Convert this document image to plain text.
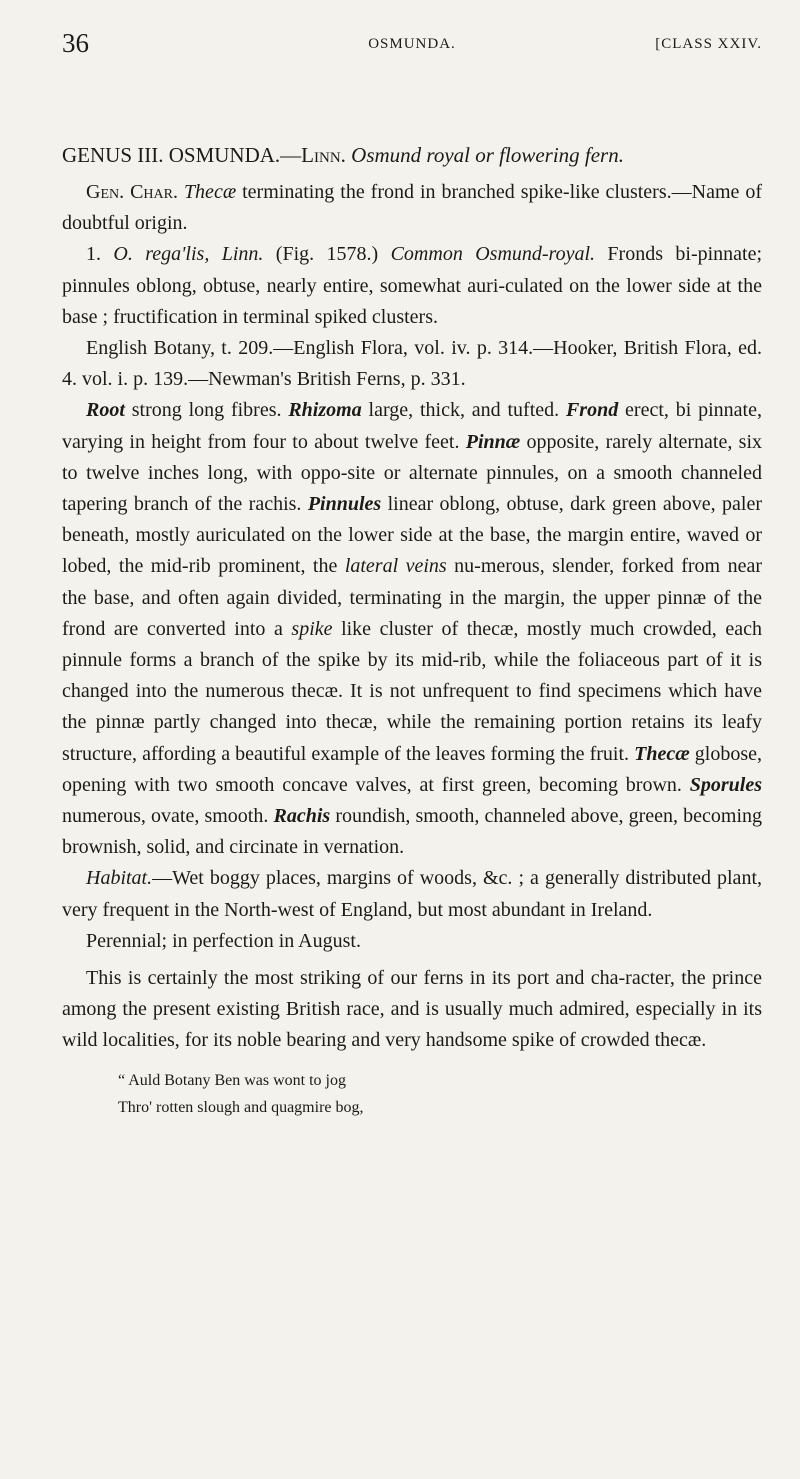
36	OSMUNDA.	[CLASS XXIV.

GENUS III. OSMUNDA.—Linn. Osmund royal or flowering fern.

Gen. Char. Thecæ terminating the frond in branched spike-like clusters.—Name of doubtful origin.

1. O. rega'lis, Linn. (Fig. 1578.) Common Osmund-royal. Fronds bi-pinnate; pinnules oblong, obtuse, nearly entire, somewhat auri-culated on the lower side at the base ; fructification in terminal spiked clusters.

English Botany, t. 209.—English Flora, vol. iv. p. 314.—Hooker, British Flora, ed. 4. vol. i. p. 139.—Newman's British Ferns, p. 331.

Root strong long fibres. Rhizoma large, thick, and tufted. Frond erect, bi pinnate, varying in height from four to about twelve feet. Pinnæ opposite, rarely alternate, six to twelve inches long, with oppo-site or alternate pinnules, on a smooth channeled tapering branch of the rachis. Pinnules linear oblong, obtuse, dark green above, paler beneath, mostly auriculated on the lower side at the base, the margin entire, waved or lobed, the mid-rib prominent, the lateral veins nu-merous, slender, forked from near the base, and often again divided, terminating in the margin, the upper pinnæ of the frond are converted into a spike like cluster of thecæ, mostly much crowded, each pinnule forms a branch of the spike by its mid-rib, while the foliaceous part of it is changed into the numerous thecæ. It is not unfrequent to find specimens which have the pinnæ partly changed into thecæ, while the remaining portion retains its leafy structure, affording a beautiful example of the leaves forming the fruit. Thecæ globose, opening with two smooth concave valves, at first green, becoming brown. Sporules numerous, ovate, smooth. Rachis roundish, smooth, channeled above, green, becoming brownish, solid, and circinate in vernation.

Habitat.—Wet boggy places, margins of woods, &c. ; a generally distributed plant, very frequent in the North-west of England, but most abundant in Ireland.

Perennial; in perfection in August.

This is certainly the most striking of our ferns in its port and cha-racter, the prince among the present existing British race, and is usually much admired, especially in its wild localities, for its noble bearing and very handsome spike of crowded thecæ.

“ Auld Botany Ben was wont to jog
Thro' rotten slough and quagmire bog,
